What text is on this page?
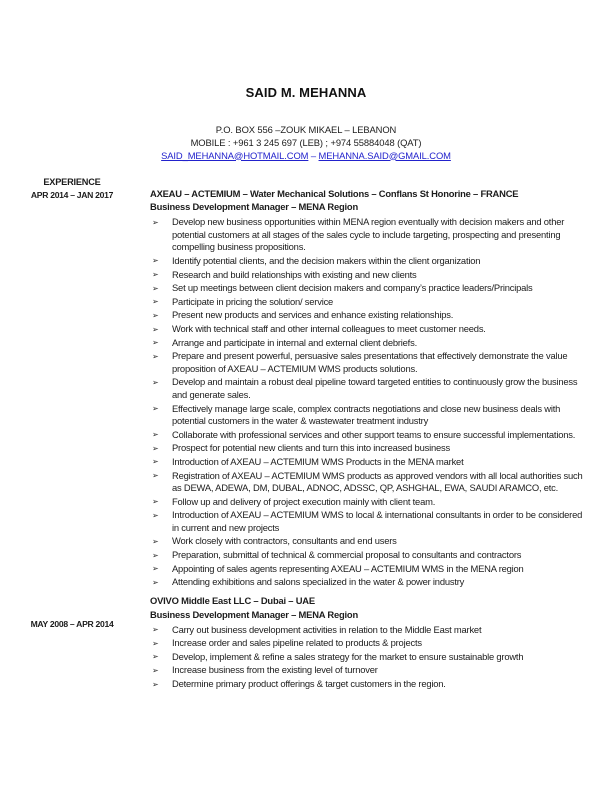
SAID M. MEHANNA
P.O. BOX 556 –ZOUK MIKAEL – LEBANON
MOBILE : +961 3 245 697 (LEB) ; +974 55884048 (QAT)
SAID_MEHANNA@HOTMAIL.COM – MEHANNA.SAID@GMAIL.COM
EXPERIENCE
APR 2014 – JAN 2017
MAY 2008 – APR 2014
AXEAU – ACTEMIUM – Water Mechanical Solutions – Conflans St Honorine – FRANCE
Business Development Manager – MENA Region
➢ Develop new business opportunities within MENA region eventually with decision makers and other potential customers at all stages of the sales cycle to include targeting, prospecting and presenting compelling business propositions.
➢ Identify potential clients, and the decision makers within the client organization
➢ Research and build relationships with existing and new clients
➢ Set up meetings between client decision makers and company’s practice leaders/Principals
➢ Participate in pricing the solution/ service
➢ Present new products and services and enhance existing relationships.
➢ Work with technical staff and other internal colleagues to meet customer needs.
➢ Arrange and participate in internal and external client debriefs.
➢ Prepare and present powerful, persuasive sales presentations that effectively demonstrate the value proposition of AXEAU – ACTEMIUM WMS products solutions.
➢ Develop and maintain a robust deal pipeline toward targeted entities to continuously grow the business and generate sales.
➢ Effectively manage large scale, complex contracts negotiations and close new business deals with potential customers in the water & wastewater treatment industry
➢ Collaborate with professional services and other support teams to ensure successful implementations.
➢ Prospect for potential new clients and turn this into increased business
➢ Introduction of AXEAU – ACTEMIUM WMS Products in the MENA market
➢ Registration of AXEAU – ACTEMIUM WMS products as approved vendors with all local authorities such as DEWA, ADEWA, DM, DUBAL, ADNOC, ADSSC, QP, ASHGHAL, EWA, SAUDI ARAMCO, etc.
➢ Follow up and delivery of project execution mainly with client team.
➢ Introduction of AXEAU – ACTEMIUM WMS to local & international consultants in order to be considered in current and new projects
➢ Work closely with contractors, consultants and end users
➢ Preparation, submittal of technical & commercial proposal to consultants and contractors
➢ Appointing of sales agents representing AXEAU – ACTEMIUM WMS in the MENA region
➢ Attending exhibitions and salons specialized in the water & power industry
OVIVO Middle East LLC – Dubai – UAE
Business Development Manager – MENA Region
➢ Carry out business development activities in relation to the Middle East market
➢ Increase order and sales pipeline related to products & projects
➢ Develop, implement & refine a sales strategy for the market to ensure sustainable growth
➢ Increase business from the existing level of turnover
➢ Determine primary product offerings & target customers in the region.
